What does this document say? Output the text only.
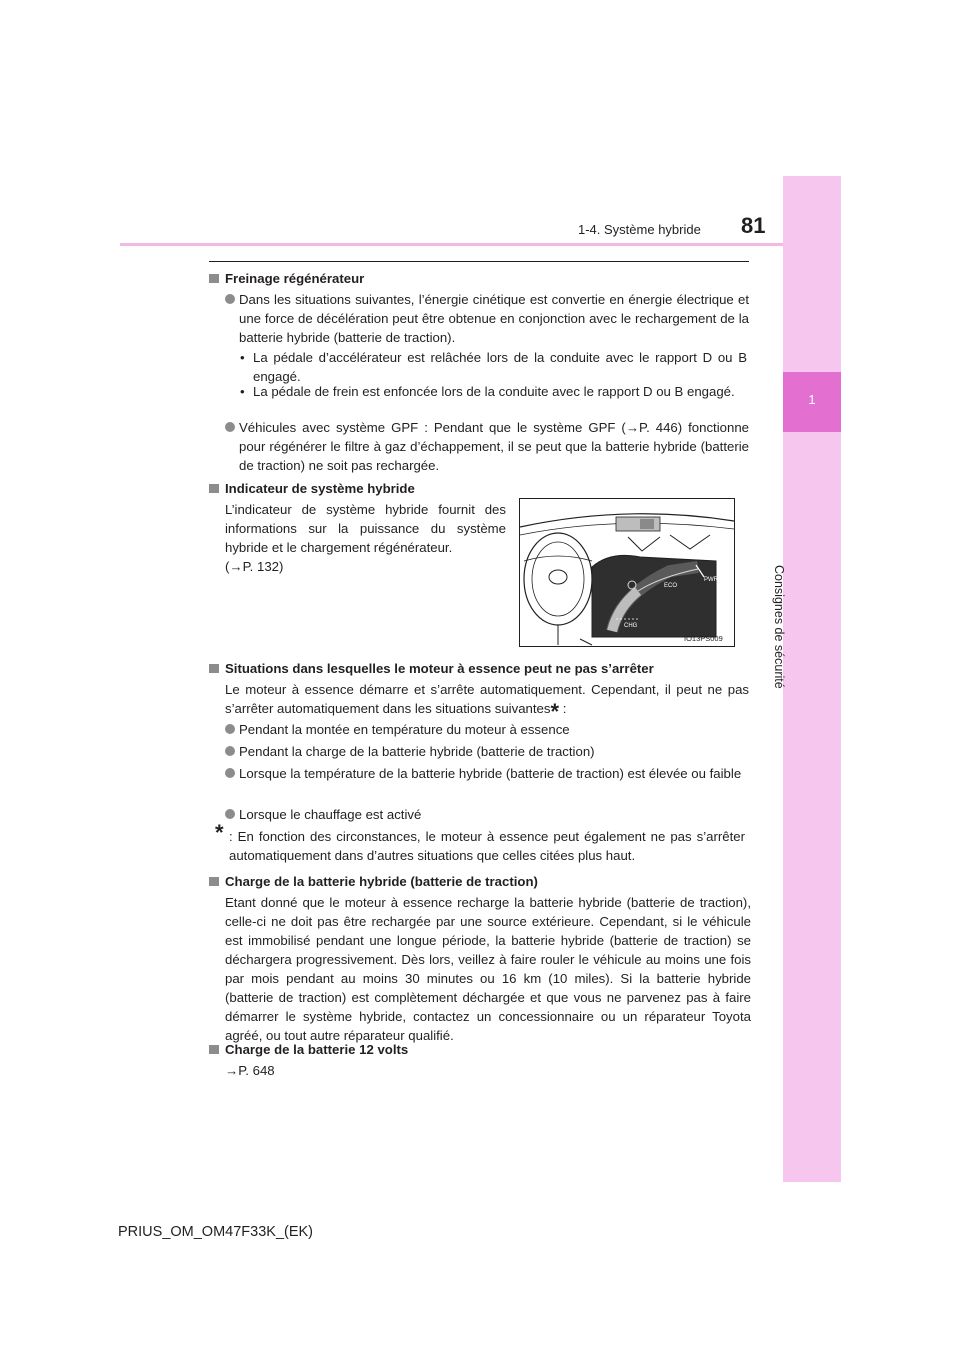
1
Consignes de sécurité
1-4. Système hybride 81
Freinage régénérateur
Dans les situations suivantes, l’énergie cinétique est convertie en énergie électrique et une force de décélération peut être obtenue en conjonction avec le rechargement de la batterie hybride (batterie de traction).
• La pédale d’accélérateur est relâchée lors de la conduite avec le rapport D ou B engagé.
• La pédale de frein est enfoncée lors de la conduite avec le rapport D ou B engagé.
Véhicules avec système GPF : Pendant que le système GPF (→P. 446) fonctionne pour régénérer le filtre à gaz d’échappement, il se peut que la batterie hybride (batterie de traction) ne soit pas rechargée.
Indicateur de système hybride
L’indicateur de système hybride fournit des informations sur la puissance du système hybride et le chargement régénérateur.
(→P. 132)
PWR
ECO
CHG
IO13PS009
Situations dans lesquelles le moteur à essence peut ne pas s’arrêter
Le moteur à essence démarre et s’arrête automatiquement. Cependant, il peut ne pas s’arrêter automatiquement dans les situations suivantes* :
Pendant la montée en température du moteur à essence
Pendant la charge de la batterie hybride (batterie de traction)
Lorsque la température de la batterie hybride (batterie de traction) est élevée ou faible
Lorsque le chauffage est activé
* : En fonction des circonstances, le moteur à essence peut également ne pas s’arrêter automatiquement dans d’autres situations que celles citées plus haut.
Charge de la batterie hybride (batterie de traction)
Etant donné que le moteur à essence recharge la batterie hybride (batterie de traction), celle-ci ne doit pas être rechargée par une source extérieure. Cependant, si le véhicule est immobilisé pendant une longue période, la batterie hybride (batterie de traction) se déchargera progressivement. Dès lors, veillez à faire rouler le véhicule au moins une fois par mois pendant au moins 30 minutes ou 16 km (10 miles). Si la batterie hybride (batterie de traction) est complètement déchargée et que vous ne parvenez pas à faire démarrer le système hybride, contactez un concessionnaire ou un réparateur Toyota agréé, ou tout autre réparateur qualifié.
Charge de la batterie 12 volts
→P. 648
PRIUS_OM_OM47F33K_(EK)
